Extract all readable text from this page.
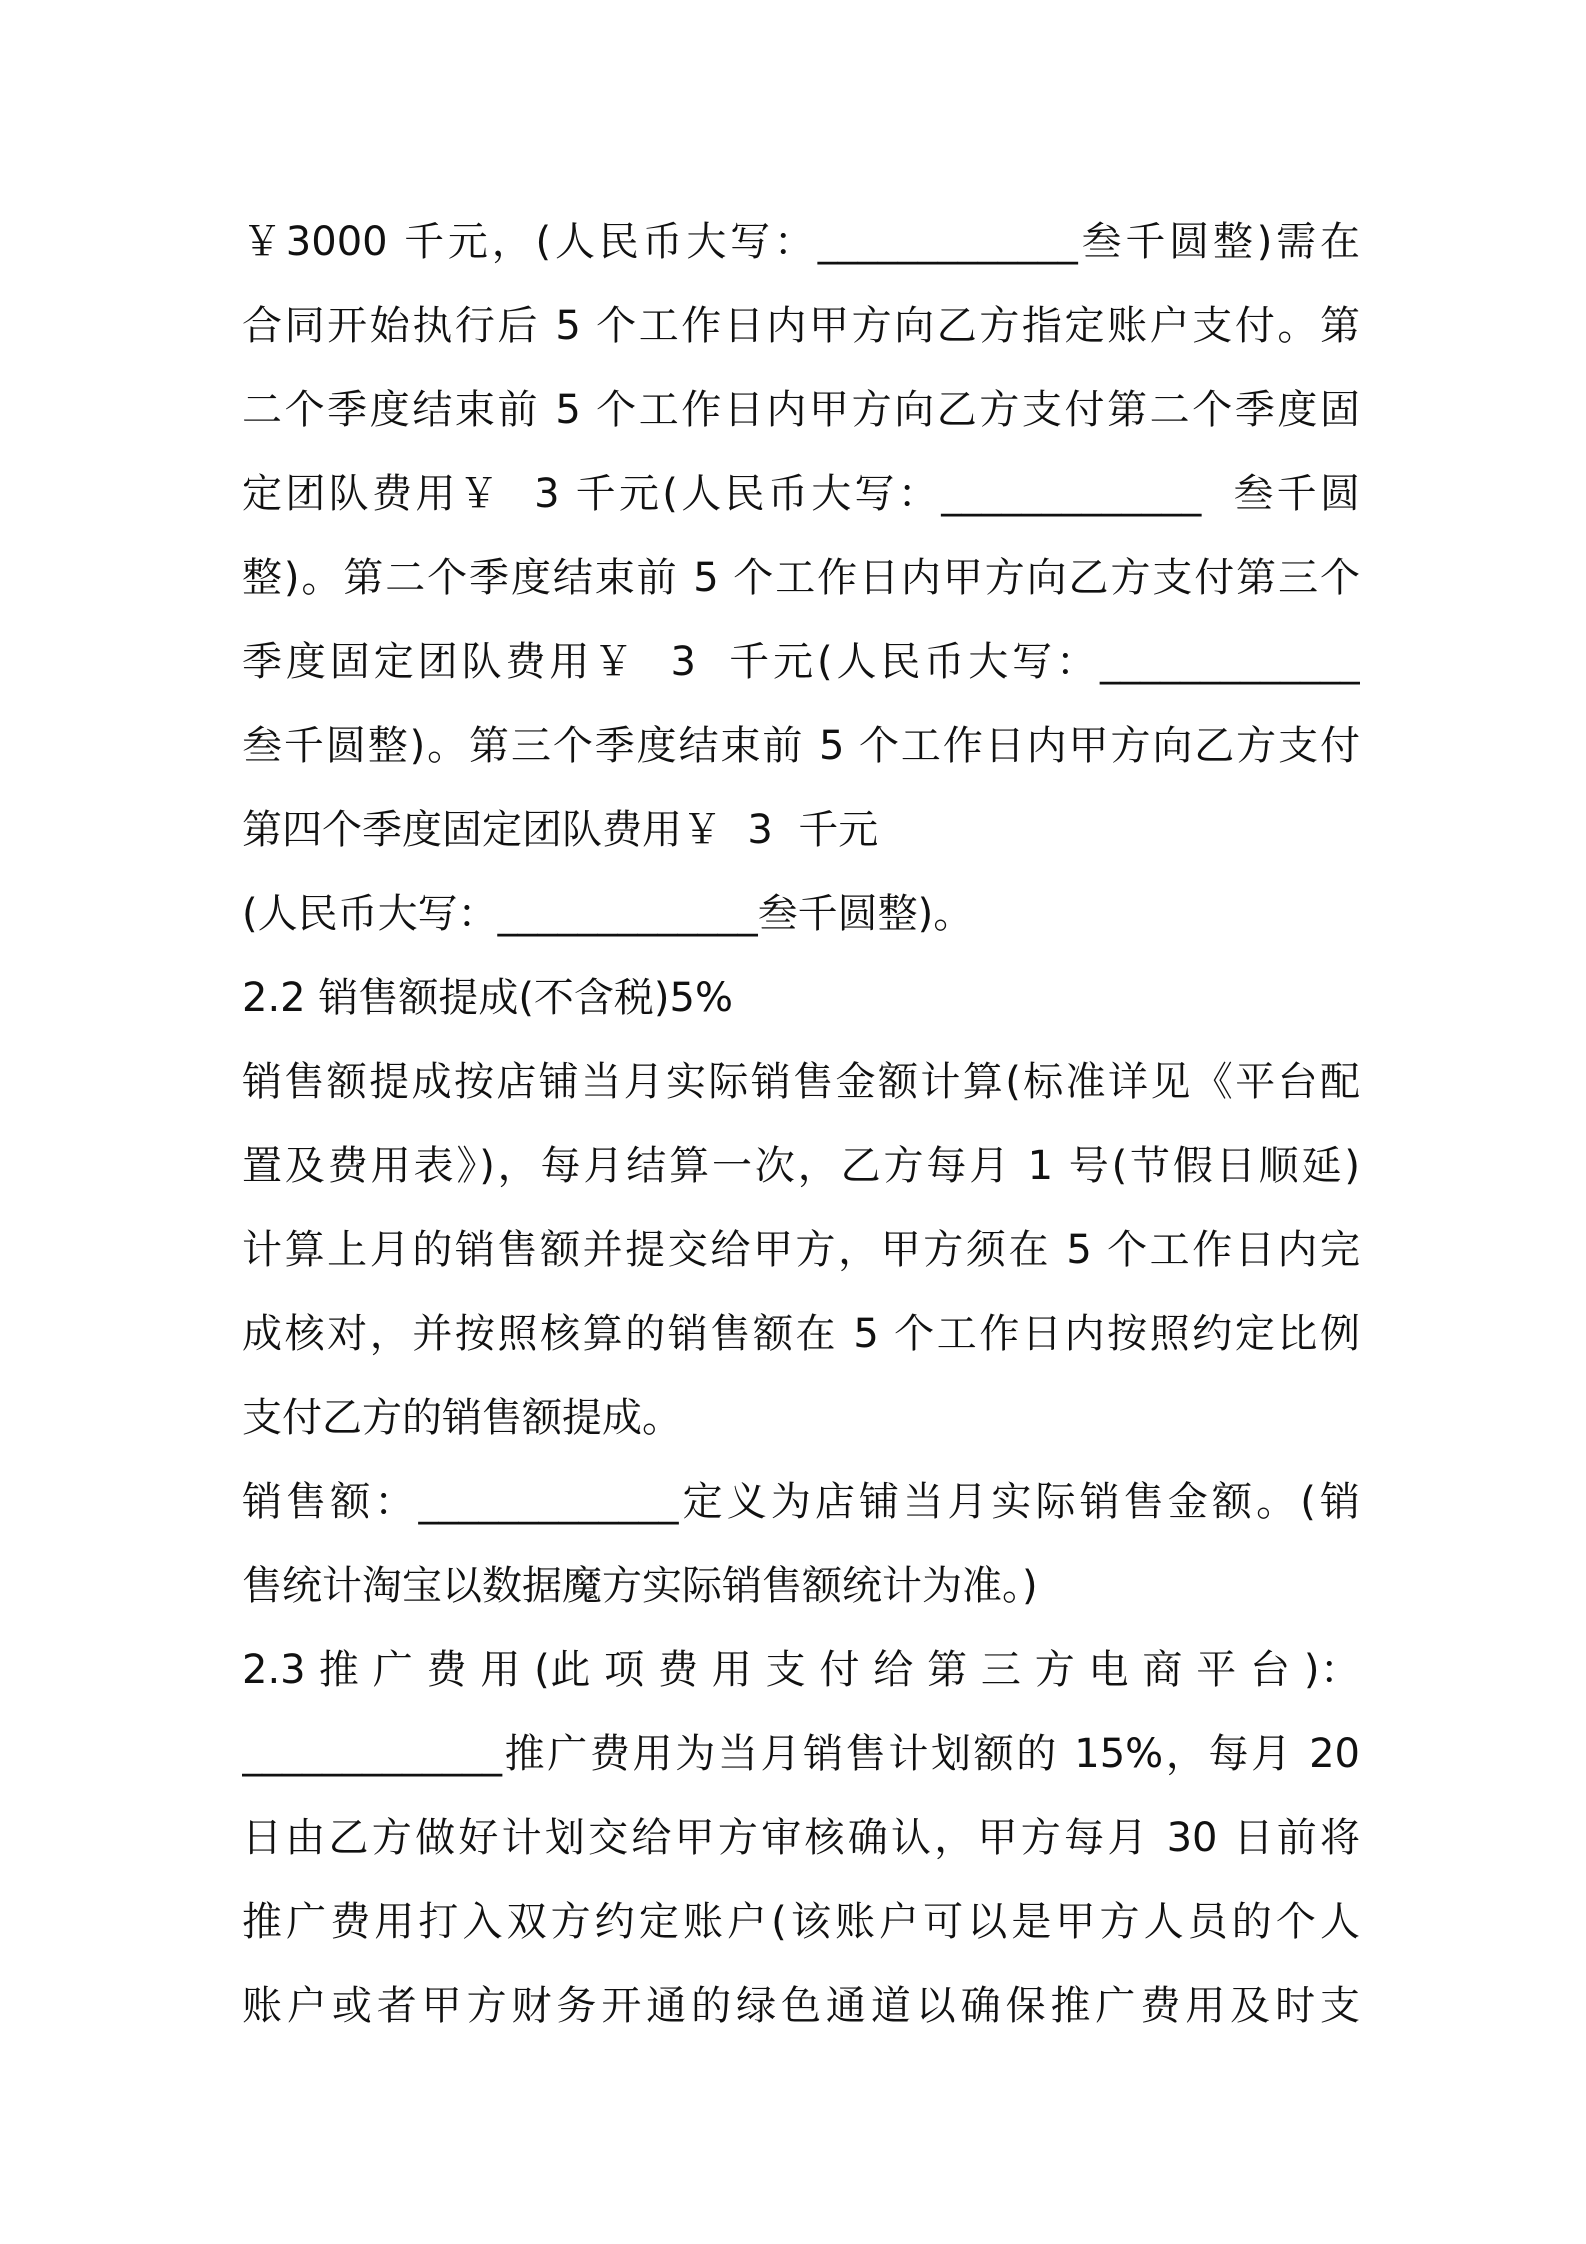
￥3000 千元，(人民币大写：_____________叁千圆整)需在
合同开始执行后 5 个工作日内甲方向乙方指定账户支付。第
二个季度结束前 5 个工作日内甲方向乙方支付第二个季度固
定团队费用￥  3 千元(人民币大写：_____________  叁千圆
整)。第二个季度结束前 5 个工作日内甲方向乙方支付第三个
季度固定团队费用￥  3  千元(人民币大写：_____________
叁千圆整)。第三个季度结束前 5 个工作日内甲方向乙方支付
第四个季度固定团队费用￥  3  千元
(人民币大写：_____________叁千圆整)。
2.2 销售额提成(不含税)5%
销售额提成按店铺当月实际销售金额计算(标准详见《平台配
置及费用表》)，每月结算一次，乙方每月 1 号(节假日顺延)
计算上月的销售额并提交给甲方，甲方须在 5 个工作日内完
成核对，并按照核算的销售额在 5 个工作日内按照约定比例
支付乙方的销售额提成。
销售额：_____________定义为店铺当月实际销售金额。(销
售统计淘宝以数据魔方实际销售额统计为准。)
2.3 推 广 费 用 (此 项 费 用 支 付 给 第 三 方 电 商 平 台 )：
_____________推广费用为当月销售计划额的 15%，每月 20
日由乙方做好计划交给甲方审核确认，甲方每月 30 日前将
推广费用打入双方约定账户(该账户可以是甲方人员的个人
账户或者甲方财务开通的绿色通道以确保推广费用及时支
